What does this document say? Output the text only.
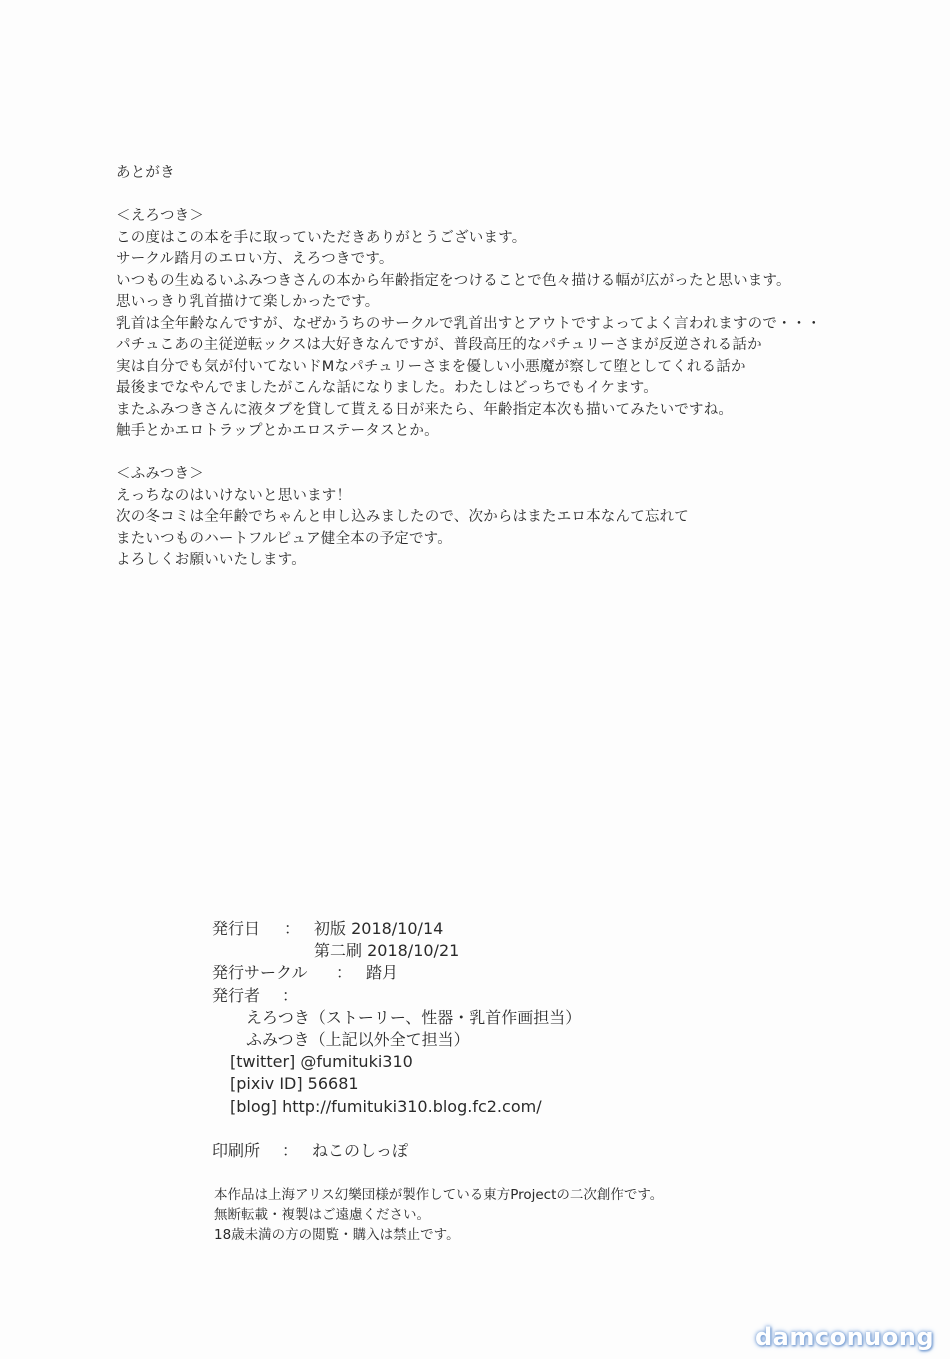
あとがき
＜えろつき＞
この度はこの本を手に取っていただきありがとうございます。
サークル踏月のエロい方、えろつきです。
いつもの生ぬるいふみつきさんの本から年齢指定をつけることで色々描ける幅が広がったと思います。
思いっきり乳首描けて楽しかったです。
乳首は全年齢なんですが、なぜかうちのサークルで乳首出すとアウトですよってよく言われますので・・・
パチュこあの主従逆転ックスは大好きなんですが、普段高圧的なパチュリーさまが反逆される話か
実は自分でも気が付いてないドMなパチュリーさまを優しい小悪魔が察して堕としてくれる話か
最後までなやんでましたがこんな話になりました。わたしはどっちでもイケます。
またふみつきさんに液タブを貸して貰える日が来たら、年齢指定本次も描いてみたいですね。
触手とかエロトラップとかエロステータスとか。
＜ふみつき＞
えっちなのはいけないと思います！
次の冬コミは全年齢でちゃんと申し込みましたので、次からはまたエロ本なんて忘れて
またいつものハートフルピュア健全本の予定です。
よろしくお願いいたします。
発行日 ： 初版 2018/10/14
第二刷 2018/10/21
発行サークル ： 踏月
発行者 ：
えろつき（ストーリー、性器・乳首作画担当）
ふみつき（上記以外全て担当）
[twitter] @fumituki310
[pixiv ID] 56681
[blog] http://fumituki310.blog.fc2.com/
印刷所 ： ねこのしっぽ
本作品は上海アリス幻樂団様が製作している東方Projectの二次創作です。
無断転載・複製はご遠慮ください。
18歳未満の方の閲覧・購入は禁止です。
damconuong
